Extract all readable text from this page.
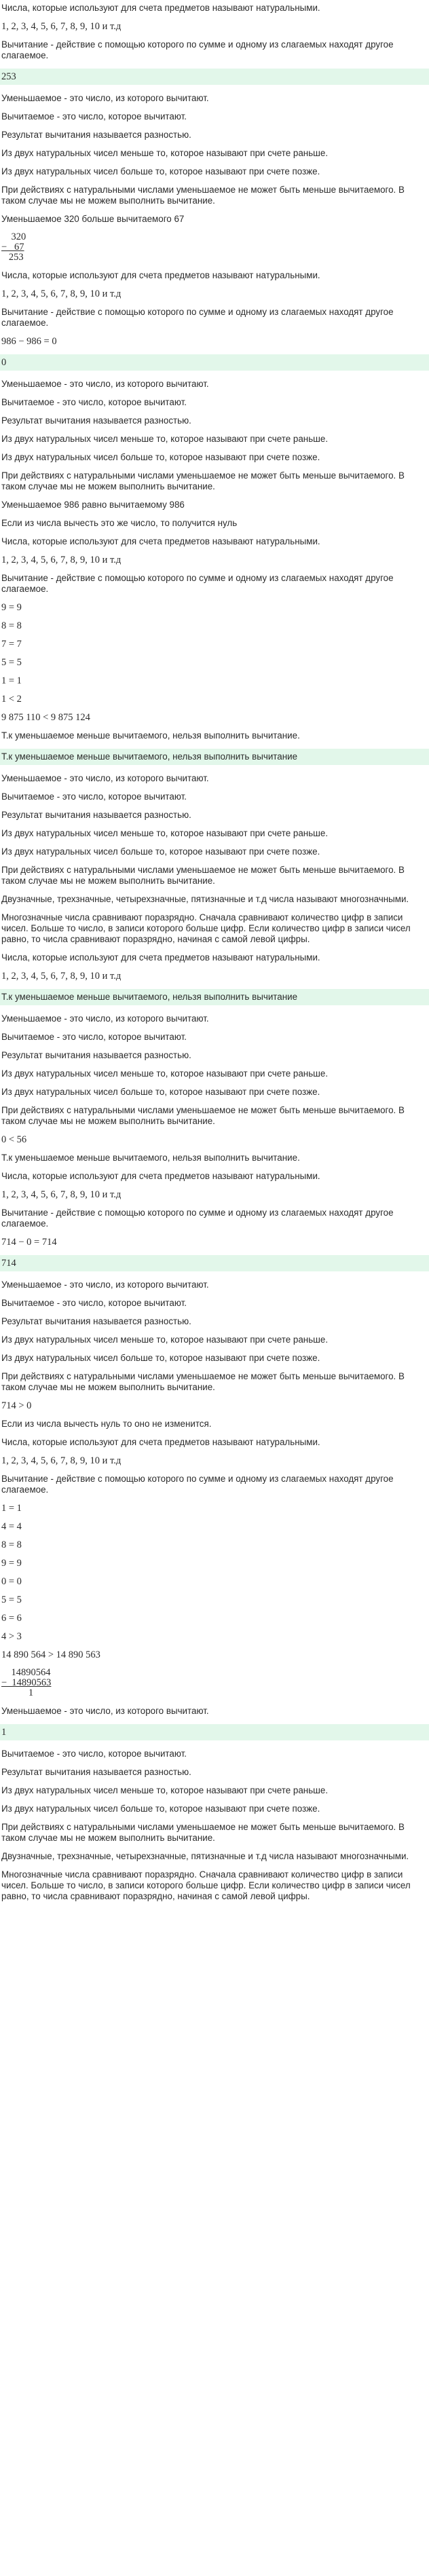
Числа, которые используют для счета предметов называют натуральными.
1, 2, 3, 4, 5, 6, 7, 8, 9, 10 и т.д
Вычитание - действие с помощью которого по сумме и одному из слагаемых находят другое слагаемое.
253
Уменьшаемое - это число, из которого вычитают.
Вычитаемое - это число, которое вычитают.
Результат вычитания называется разностью.
Из двух натуральных чисел меньше то, которое называют при счете раньше.
Из двух натуральных чисел больше то, которое называют при счете позже.
При действиях с натуральными числами уменьшаемое не может быть меньше вычитаемого. В таком случае мы не можем выполнить вычитание.
Уменьшаемое 320 больше вычитаемого 67
320
−   67
253
Числа, которые используют для счета предметов называют натуральными.
1, 2, 3, 4, 5, 6, 7, 8, 9, 10 и т.д
Вычитание - действие с помощью которого по сумме и одному из слагаемых находят другое слагаемое.
986 − 986 = 0
0
Уменьшаемое - это число, из которого вычитают.
Вычитаемое - это число, которое вычитают.
Результат вычитания называется разностью.
Из двух натуральных чисел меньше то, которое называют при счете раньше.
Из двух натуральных чисел больше то, которое называют при счете позже.
При действиях с натуральными числами уменьшаемое не может быть меньше вычитаемого. В таком случае мы не можем выполнить вычитание.
Уменьшаемое 986 равно вычитаемому 986
Если из числа вычесть это же число, то получится нуль
Числа, которые используют для счета предметов называют натуральными.
1, 2, 3, 4, 5, 6, 7, 8, 9, 10 и т.д
Вычитание - действие с помощью которого по сумме и одному из слагаемых находят другое слагаемое.
9 = 9
8 = 8
7 = 7
5 = 5
1 = 1
1 < 2
9 875 110 < 9 875 124
Т.к уменьшаемое меньше вычитаемого, нельзя выполнить вычитание.
Т.к уменьшаемое меньше вычитаемого, нельзя выполнить вычитание
Уменьшаемое - это число, из которого вычитают.
Вычитаемое - это число, которое вычитают.
Результат вычитания называется разностью.
Из двух натуральных чисел меньше то, которое называют при счете раньше.
Из двух натуральных чисел больше то, которое называют при счете позже.
При действиях с натуральными числами уменьшаемое не может быть меньше вычитаемого. В таком случае мы не можем выполнить вычитание.
Двузначные, трехзначные, четырехзначные, пятизначные и т.д числа называют многозначными.
Многозначные числа сравнивают поразрядно. Сначала сравнивают количество цифр в записи чисел. Больше то число, в записи которого больше цифр. Если количество цифр в записи чисел равно, то числа сравнивают поразрядно, начиная с самой левой цифры.
Числа, которые используют для счета предметов называют натуральными.
1, 2, 3, 4, 5, 6, 7, 8, 9, 10 и т.д
Т.к уменьшаемое меньше вычитаемого, нельзя выполнить вычитание
Уменьшаемое - это число, из которого вычитают.
Вычитаемое - это число, которое вычитают.
Результат вычитания называется разностью.
Из двух натуральных чисел меньше то, которое называют при счете раньше.
Из двух натуральных чисел больше то, которое называют при счете позже.
При действиях с натуральными числами уменьшаемое не может быть меньше вычитаемого. В таком случае мы не можем выполнить вычитание.
0 < 56
Т.к уменьшаемое меньше вычитаемого, нельзя выполнить вычитание.
Числа, которые используют для счета предметов называют натуральными.
1, 2, 3, 4, 5, 6, 7, 8, 9, 10 и т.д
Вычитание - действие с помощью которого по сумме и одному из слагаемых находят другое слагаемое.
714 − 0 = 714
714
Уменьшаемое - это число, из которого вычитают.
Вычитаемое - это число, которое вычитают.
Результат вычитания называется разностью.
Из двух натуральных чисел меньше то, которое называют при счете раньше.
Из двух натуральных чисел больше то, которое называют при счете позже.
При действиях с натуральными числами уменьшаемое не может быть меньше вычитаемого. В таком случае мы не можем выполнить вычитание.
714 > 0
Если из числа вычесть нуль то оно не изменится.
Числа, которые используют для счета предметов называют натуральными.
1, 2, 3, 4, 5, 6, 7, 8, 9, 10 и т.д
Вычитание - действие с помощью которого по сумме и одному из слагаемых находят другое слагаемое.
1 = 1
4 = 4
8 = 8
9 = 9
0 = 0
5 = 5
6 = 6
4 > 3
14 890 564 > 14 890 563
14890564
−  14890563
1
Уменьшаемое - это число, из которого вычитают.
1
Вычитаемое - это число, которое вычитают.
Результат вычитания называется разностью.
Из двух натуральных чисел меньше то, которое называют при счете раньше.
Из двух натуральных чисел больше то, которое называют при счете позже.
При действиях с натуральными числами уменьшаемое не может быть меньше вычитаемого. В таком случае мы не можем выполнить вычитание.
Двузначные, трехзначные, четырехзначные, пятизначные и т.д числа называют многозначными.
Многозначные числа сравнивают поразрядно. Сначала сравнивают количество цифр в записи чисел. Больше то число, в записи которого больше цифр. Если количество цифр в записи чисел равно, то числа сравнивают поразрядно, начиная с самой левой цифры.
